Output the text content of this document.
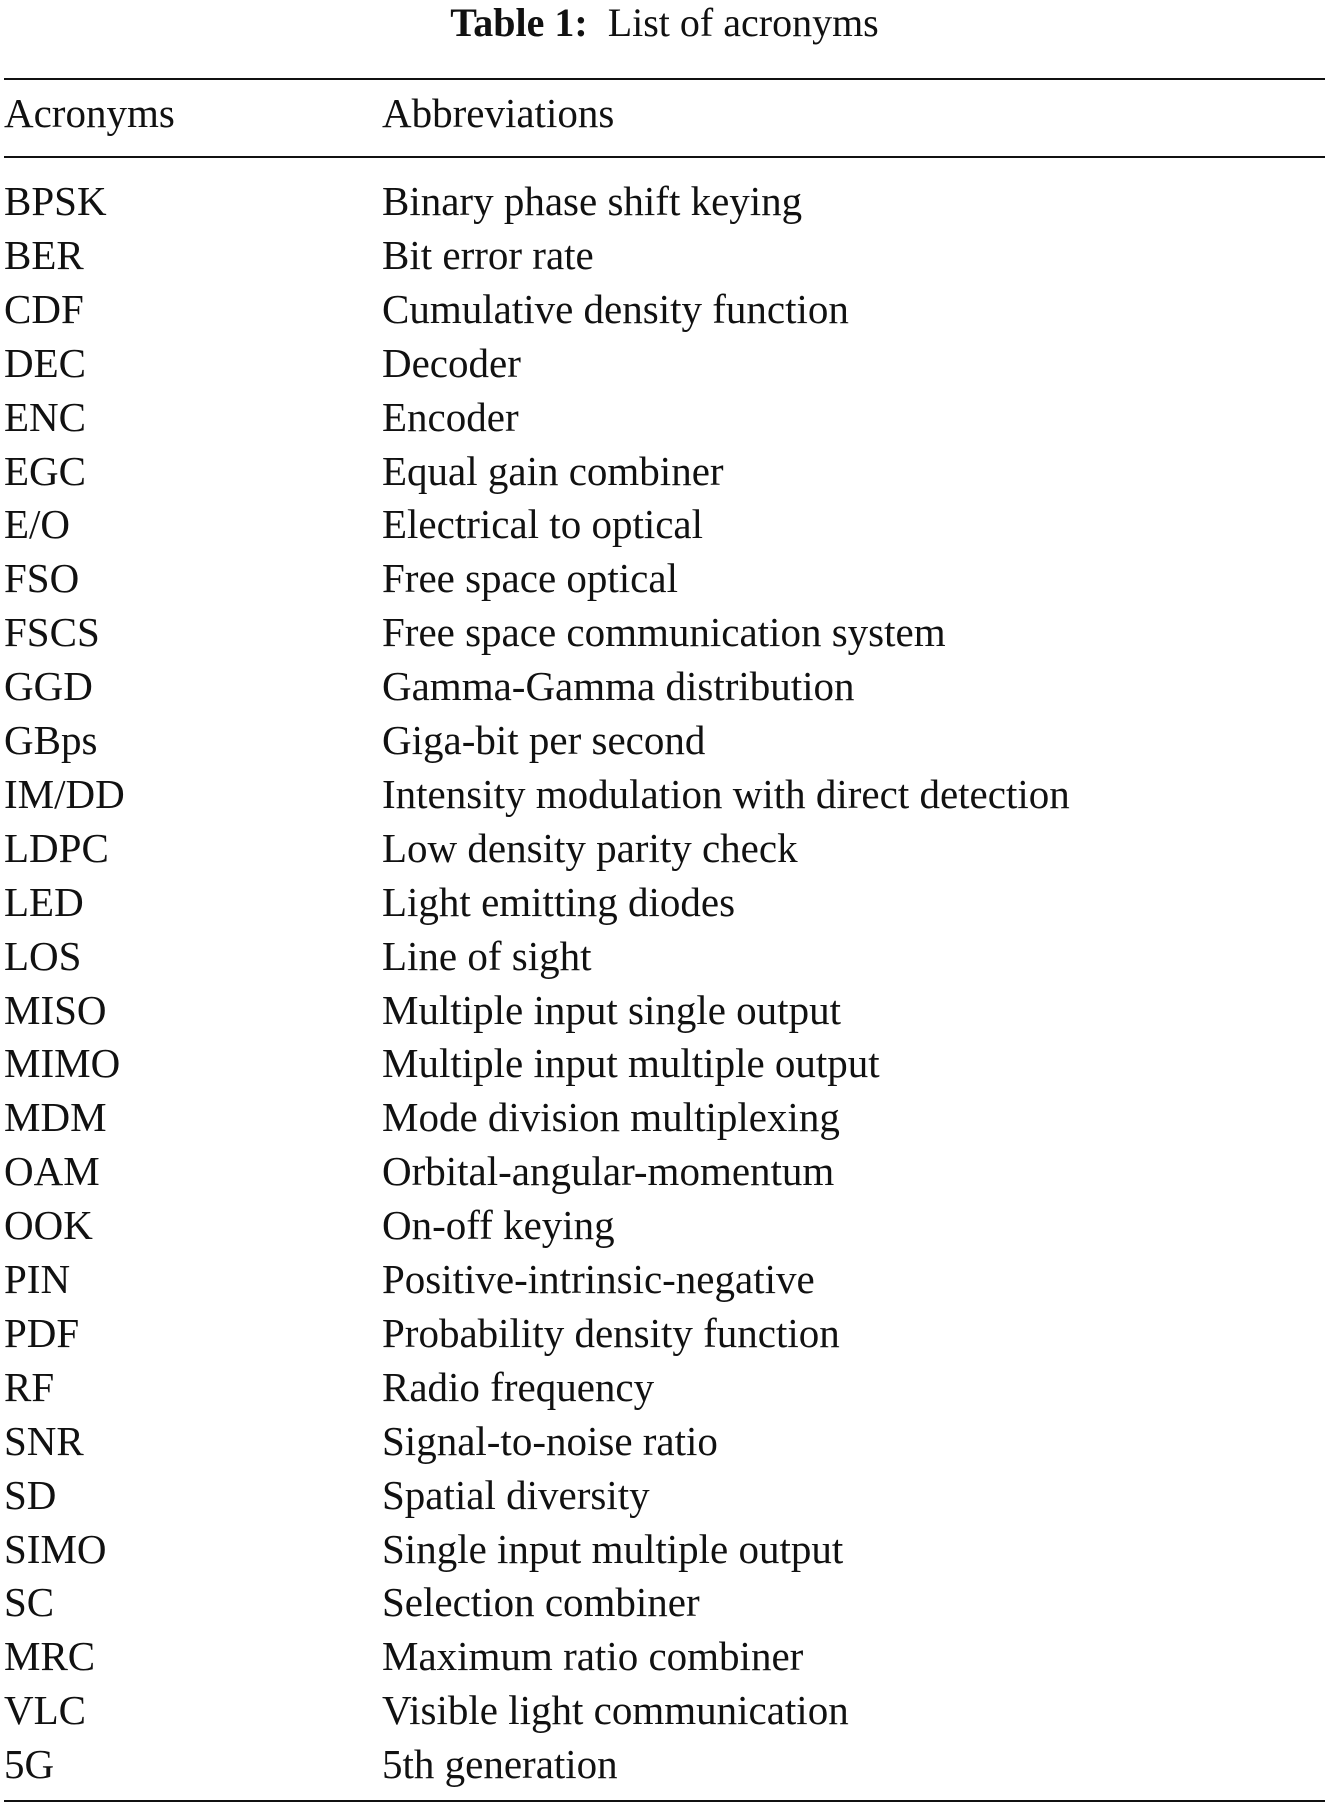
Table 1: List of acronyms
Acronyms	Abbreviations
BPSK	Binary phase shift keying
BER	Bit error rate
CDF	Cumulative density function
DEC	Decoder
ENC	Encoder
EGC	Equal gain combiner
E/O	Electrical to optical
FSO	Free space optical
FSCS	Free space communication system
GGD	Gamma-Gamma distribution
GBps	Giga-bit per second
IM/DD	Intensity modulation with direct detection
LDPC	Low density parity check
LED	Light emitting diodes
LOS	Line of sight
MISO	Multiple input single output
MIMO	Multiple input multiple output
MDM	Mode division multiplexing
OAM	Orbital-angular-momentum
OOK	On-off keying
PIN	Positive-intrinsic-negative
PDF	Probability density function
RF	Radio frequency
SNR	Signal-to-noise ratio
SD	Spatial diversity
SIMO	Single input multiple output
SC	Selection combiner
MRC	Maximum ratio combiner
VLC	Visible light communication
5G	5th generation
